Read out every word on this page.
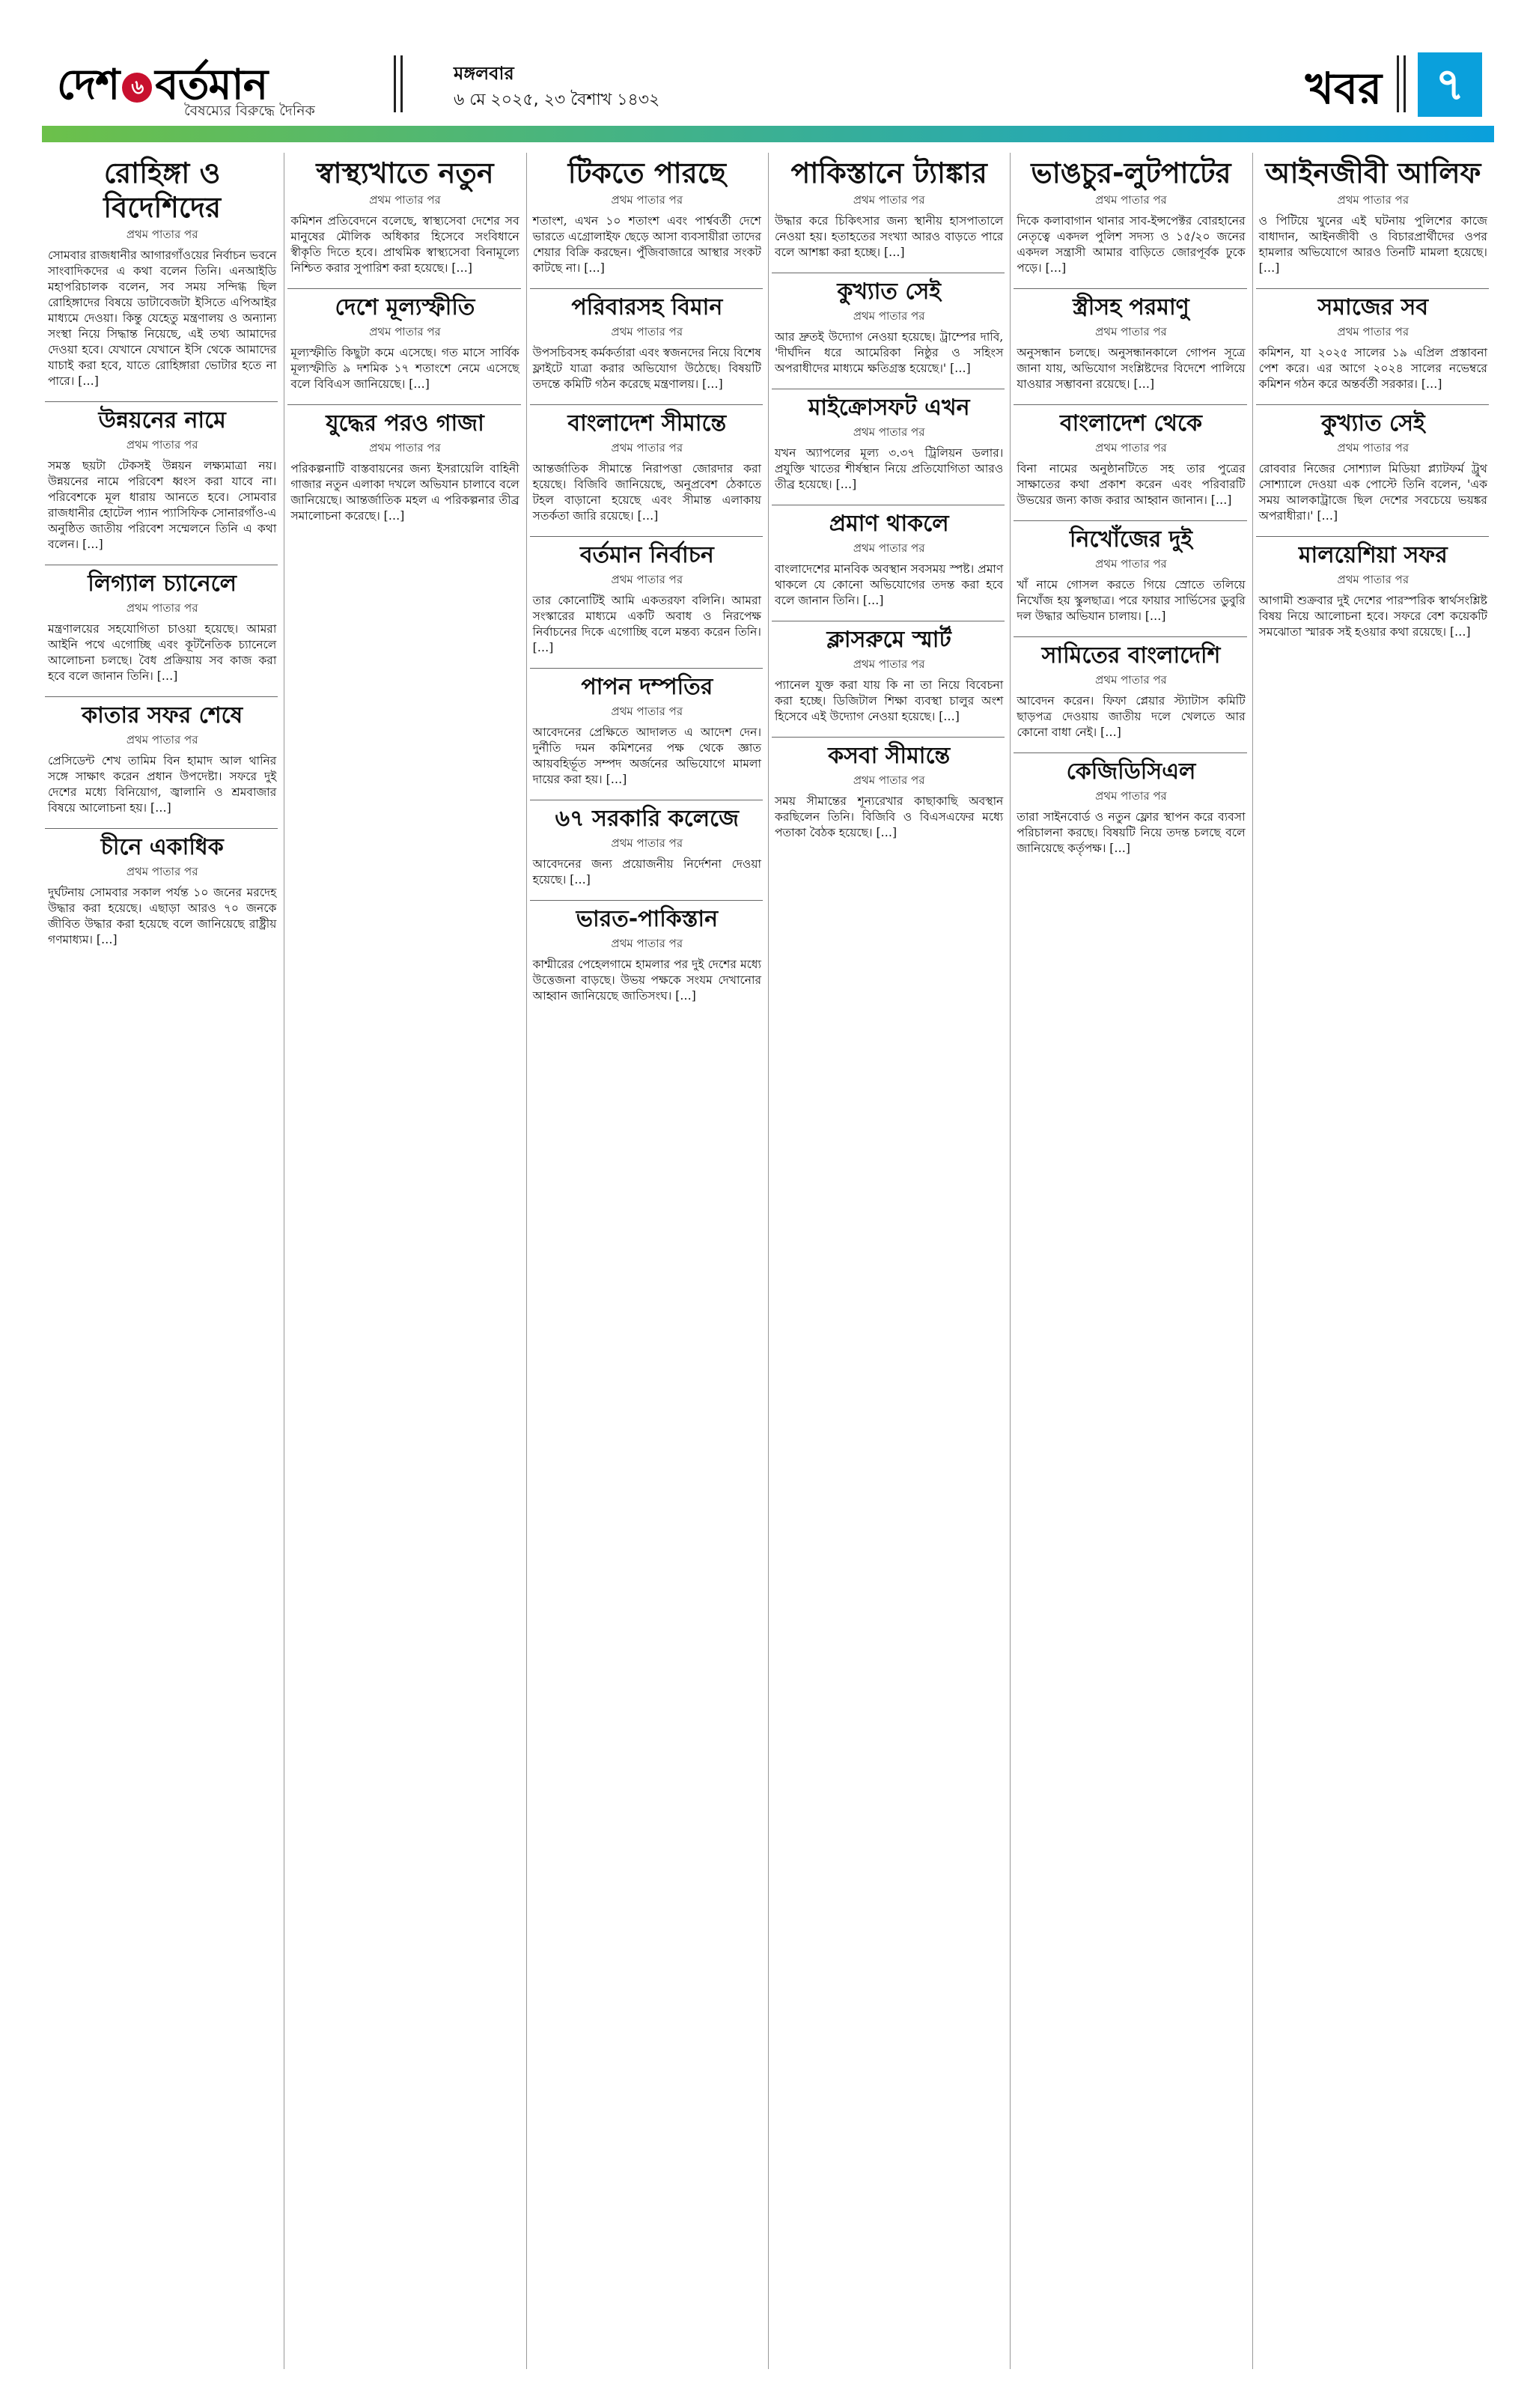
দেশ ৬ বর্তমান
বৈষম্যের বিরুদ্ধে দৈনিক
মঙ্গলবার
৬ মে ২০২৫, ২৩ বৈশাখ ১৪৩২	খবর	৭
রোহিঙ্গা ও বিদেশিদের
প্রথম পাতার পর

সোমবার রাজধানীর আগারগাঁওয়ের নির্বাচন ভবনে সাংবাদিকদের এ কথা বলেন তিনি। এনআইডি মহাপরিচালক বলেন, সব সময় সন্দিগ্ধ ছিল রোহিঙ্গাদের বিষয়ে ডাটাবেজটা ইসিতে এপিআইর মাধ্যমে দেওয়া। কিন্তু যেহেতু মন্ত্রণালয় ও অন্যান্য সংস্থা নিয়ে সিদ্ধান্ত নিয়েছে, এই তথ্য আমাদের দেওয়া হবে। যেখানে যেখানে ইসি থেকে আমাদের যাচাই করা হবে, যাতে রোহিঙ্গারা ভোটার হতে না পারে। […]

উন্নয়নের নামে
প্রথম পাতার পর

সমস্ত ছয়টা টেকসই উন্নয়ন লক্ষ্যমাত্রা নয়। উন্নয়নের নামে পরিবেশ ধ্বংস করা যাবে না। পরিবেশকে মূল ধারায় আনতে হবে। সোমবার রাজধানীর হোটেল প্যান প্যাসিফিক সোনারগাঁও-এ অনুষ্ঠিত জাতীয় পরিবেশ সম্মেলনে তিনি এ কথা বলেন। […]

লিগ্যাল চ্যানেলে
প্রথম পাতার পর

মন্ত্রণালয়ের সহযোগিতা চাওয়া হয়েছে। আমরা আইনি পথে এগোচ্ছি এবং কূটনৈতিক চ্যানেলে আলোচনা চলছে। বৈধ প্রক্রিয়ায় সব কাজ করা হবে বলে জানান তিনি। […]

কাতার সফর শেষে
প্রথম পাতার পর

প্রেসিডেন্ট শেখ তামিম বিন হামাদ আল থানির সঙ্গে সাক্ষাৎ করেন প্রধান উপদেষ্টা। সফরে দুই দেশের মধ্যে বিনিয়োগ, জ্বালানি ও শ্রমবাজার বিষয়ে আলোচনা হয়। […]

চীনে একাধিক
প্রথম পাতার পর

দুর্ঘটনায় সোমবার সকাল পর্যন্ত ১০ জনের মরদেহ উদ্ধার করা হয়েছে। এছাড়া আরও ৭০ জনকে জীবিত উদ্ধার করা হয়েছে বলে জানিয়েছে রাষ্ট্রীয় গণমাধ্যম। […]

স্বাস্থ্যখাতে নতুন
প্রথম পাতার পর

কমিশন প্রতিবেদনে বলেছে, স্বাস্থ্যসেবা দেশের সব মানুষের মৌলিক অধিকার হিসেবে সংবিধানে স্বীকৃতি দিতে হবে। প্রাথমিক স্বাস্থ্যসেবা বিনামূল্যে নিশ্চিত করার সুপারিশ করা হয়েছে। […]

দেশে মূল্যস্ফীতি
প্রথম পাতার পর

মূল্যস্ফীতি কিছুটা কমে এসেছে। গত মাসে সার্বিক মূল্যস্ফীতি ৯ দশমিক ১৭ শতাংশে নেমে এসেছে বলে বিবিএস জানিয়েছে। […]

যুদ্ধের পরও গাজা
প্রথম পাতার পর

পরিকল্পনাটি বাস্তবায়নের জন্য ইসরায়েলি বাহিনী গাজার নতুন এলাকা দখলে অভিযান চালাবে বলে জানিয়েছে। আন্তর্জাতিক মহল এ পরিকল্পনার তীব্র সমালোচনা করেছে। […]

টিকতে পারছে
প্রথম পাতার পর

শতাংশ, এখন ১০ শতাংশ এবং পার্শ্ববর্তী দেশে ভারতে এগ্রোলাইফ ছেড়ে আসা ব্যবসায়ীরা তাদের শেয়ার বিক্রি করছেন। পুঁজিবাজারে আস্থার সংকট কাটছে না। […]

পরিবারসহ বিমান
প্রথম পাতার পর

উপসচিবসহ কর্মকর্তারা এবং স্বজনদের নিয়ে বিশেষ ফ্লাইটে যাত্রা করার অভিযোগ উঠেছে। বিষয়টি তদন্তে কমিটি গঠন করেছে মন্ত্রণালয়। […]

বাংলাদেশ সীমান্তে
প্রথম পাতার পর

আন্তর্জাতিক সীমান্তে নিরাপত্তা জোরদার করা হয়েছে। বিজিবি জানিয়েছে, অনুপ্রবেশ ঠেকাতে টহল বাড়ানো হয়েছে এবং সীমান্ত এলাকায় সতর্কতা জারি রয়েছে। […]

বর্তমান নির্বাচন
প্রথম পাতার পর

তার কোনোটিই আমি একতরফা বলিনি। আমরা সংস্কারের মাধ্যমে একটি অবাধ ও নিরপেক্ষ নির্বাচনের দিকে এগোচ্ছি বলে মন্তব্য করেন তিনি। […]

পাপন দম্পতির
প্রথম পাতার পর

আবেদনের প্রেক্ষিতে আদালত এ আদেশ দেন। দুর্নীতি দমন কমিশনের পক্ষ থেকে জ্ঞাত আয়বহির্ভূত সম্পদ অর্জনের অভিযোগে মামলা দায়ের করা হয়। […]

৬৭ সরকারি কলেজে
প্রথম পাতার পর

আবেদনের জন্য প্রয়োজনীয় নির্দেশনা দেওয়া হয়েছে। […]

ভারত-পাকিস্তান
প্রথম পাতার পর

কাশ্মীরের পেহেলগামে হামলার পর দুই দেশের মধ্যে উত্তেজনা বাড়ছে। উভয় পক্ষকে সংযম দেখানোর আহ্বান জানিয়েছে জাতিসংঘ। […]

পাকিস্তানে ট্যাঙ্কার
প্রথম পাতার পর

উদ্ধার করে চিকিৎসার জন্য স্থানীয় হাসপাতালে নেওয়া হয়। হতাহতের সংখ্যা আরও বাড়তে পারে বলে আশঙ্কা করা হচ্ছে। […]

কুখ্যাত সেই
প্রথম পাতার পর

আর দ্রুতই উদ্যোগ নেওয়া হয়েছে। ট্রাম্পের দাবি, 'দীর্ঘদিন ধরে আমেরিকা নিষ্ঠুর ও সহিংস অপরাধীদের মাধ্যমে ক্ষতিগ্রস্ত হয়েছে।' […]

মাইক্রোসফট এখন
প্রথম পাতার পর

যখন অ্যাপলের মূল্য ৩.৩৭ ট্রিলিয়ন ডলার। প্রযুক্তি খাতের শীর্ষস্থান নিয়ে প্রতিযোগিতা আরও তীব্র হয়েছে। […]

প্রমাণ থাকলে
প্রথম পাতার পর

বাংলাদেশের মানবিক অবস্থান সবসময় স্পষ্ট। প্রমাণ থাকলে যে কোনো অভিযোগের তদন্ত করা হবে বলে জানান তিনি। […]

ক্লাসরুমে স্মার্ট
প্রথম পাতার পর

প্যানেল যুক্ত করা যায় কি না তা নিয়ে বিবেচনা করা হচ্ছে। ডিজিটাল শিক্ষা ব্যবস্থা চালুর অংশ হিসেবে এই উদ্যোগ নেওয়া হয়েছে। […]

কসবা সীমান্তে
প্রথম পাতার পর

সময় সীমান্তের শূন্যরেখার কাছাকাছি অবস্থান করছিলেন তিনি। বিজিবি ও বিএসএফের মধ্যে পতাকা বৈঠক হয়েছে। […]

ভাঙচুর-লুটপাটের
প্রথম পাতার পর

দিকে কলাবাগান থানার সাব-ইন্সপেক্টর বোরহানের নেতৃত্বে একদল পুলিশ সদস্য ও ১৫/২০ জনের একদল সন্ত্রাসী আমার বাড়িতে জোরপূর্বক ঢুকে পড়ে। […]

স্ত্রীসহ পরমাণু
প্রথম পাতার পর

অনুসন্ধান চলছে। অনুসন্ধানকালে গোপন সূত্রে জানা যায়, অভিযোগ সংশ্লিষ্টদের বিদেশে পালিয়ে যাওয়ার সম্ভাবনা রয়েছে। […]

বাংলাদেশ থেকে
প্রথম পাতার পর

বিনা নামের অনুষ্ঠানটিতে সহ তার পুত্রের সাক্ষাতের কথা প্রকাশ করেন এবং পরিবারটি উভয়ের জন্য কাজ করার আহ্বান জানান। […]

নিখোঁজের দুই
প্রথম পাতার পর

খাঁ নামে গোসল করতে গিয়ে স্রোতে তলিয়ে নিখোঁজ হয় স্কুলছাত্র। পরে ফায়ার সার্ভিসের ডুবুরি দল উদ্ধার অভিযান চালায়। […]

সামিতের বাংলাদেশি
প্রথম পাতার পর

আবেদন করেন। ফিফা প্লেয়ার স্ট্যাটাস কমিটি ছাড়পত্র দেওয়ায় জাতীয় দলে খেলতে আর কোনো বাধা নেই। […]

কেজিডিসিএল
প্রথম পাতার পর

তারা সাইনবোর্ড ও নতুন ফ্লোর স্থাপন করে ব্যবসা পরিচালনা করছে। বিষয়টি নিয়ে তদন্ত চলছে বলে জানিয়েছে কর্তৃপক্ষ। […]

আইনজীবী আলিফ
প্রথম পাতার পর

ও পিটিয়ে খুনের এই ঘটনায় পুলিশের কাজে বাধাদান, আইনজীবী ও বিচারপ্রার্থীদের ওপর হামলার অভিযোগে আরও তিনটি মামলা হয়েছে। […]

সমাজের সব
প্রথম পাতার পর

কমিশন, যা ২০২৫ সালের ১৯ এপ্রিল প্রস্তাবনা পেশ করে। এর আগে ২০২৪ সালের নভেম্বরে কমিশন গঠন করে অন্তর্বর্তী সরকার। […]

কুখ্যাত সেই
প্রথম পাতার পর

রোববার নিজের সোশ্যাল মিডিয়া প্ল্যাটফর্ম ট্রুথ সোশ্যালে দেওয়া এক পোস্টে তিনি বলেন, 'এক সময় আলকাট্রাজে ছিল দেশের সবচেয়ে ভয়ঙ্কর অপরাধীরা।' […]

মালয়েশিয়া সফর
প্রথম পাতার পর

আগামী শুক্রবার দুই দেশের পারস্পরিক স্বার্থসংশ্লিষ্ট বিষয় নিয়ে আলোচনা হবে। সফরে বেশ কয়েকটি সমঝোতা স্মারক সই হওয়ার কথা রয়েছে। […]
